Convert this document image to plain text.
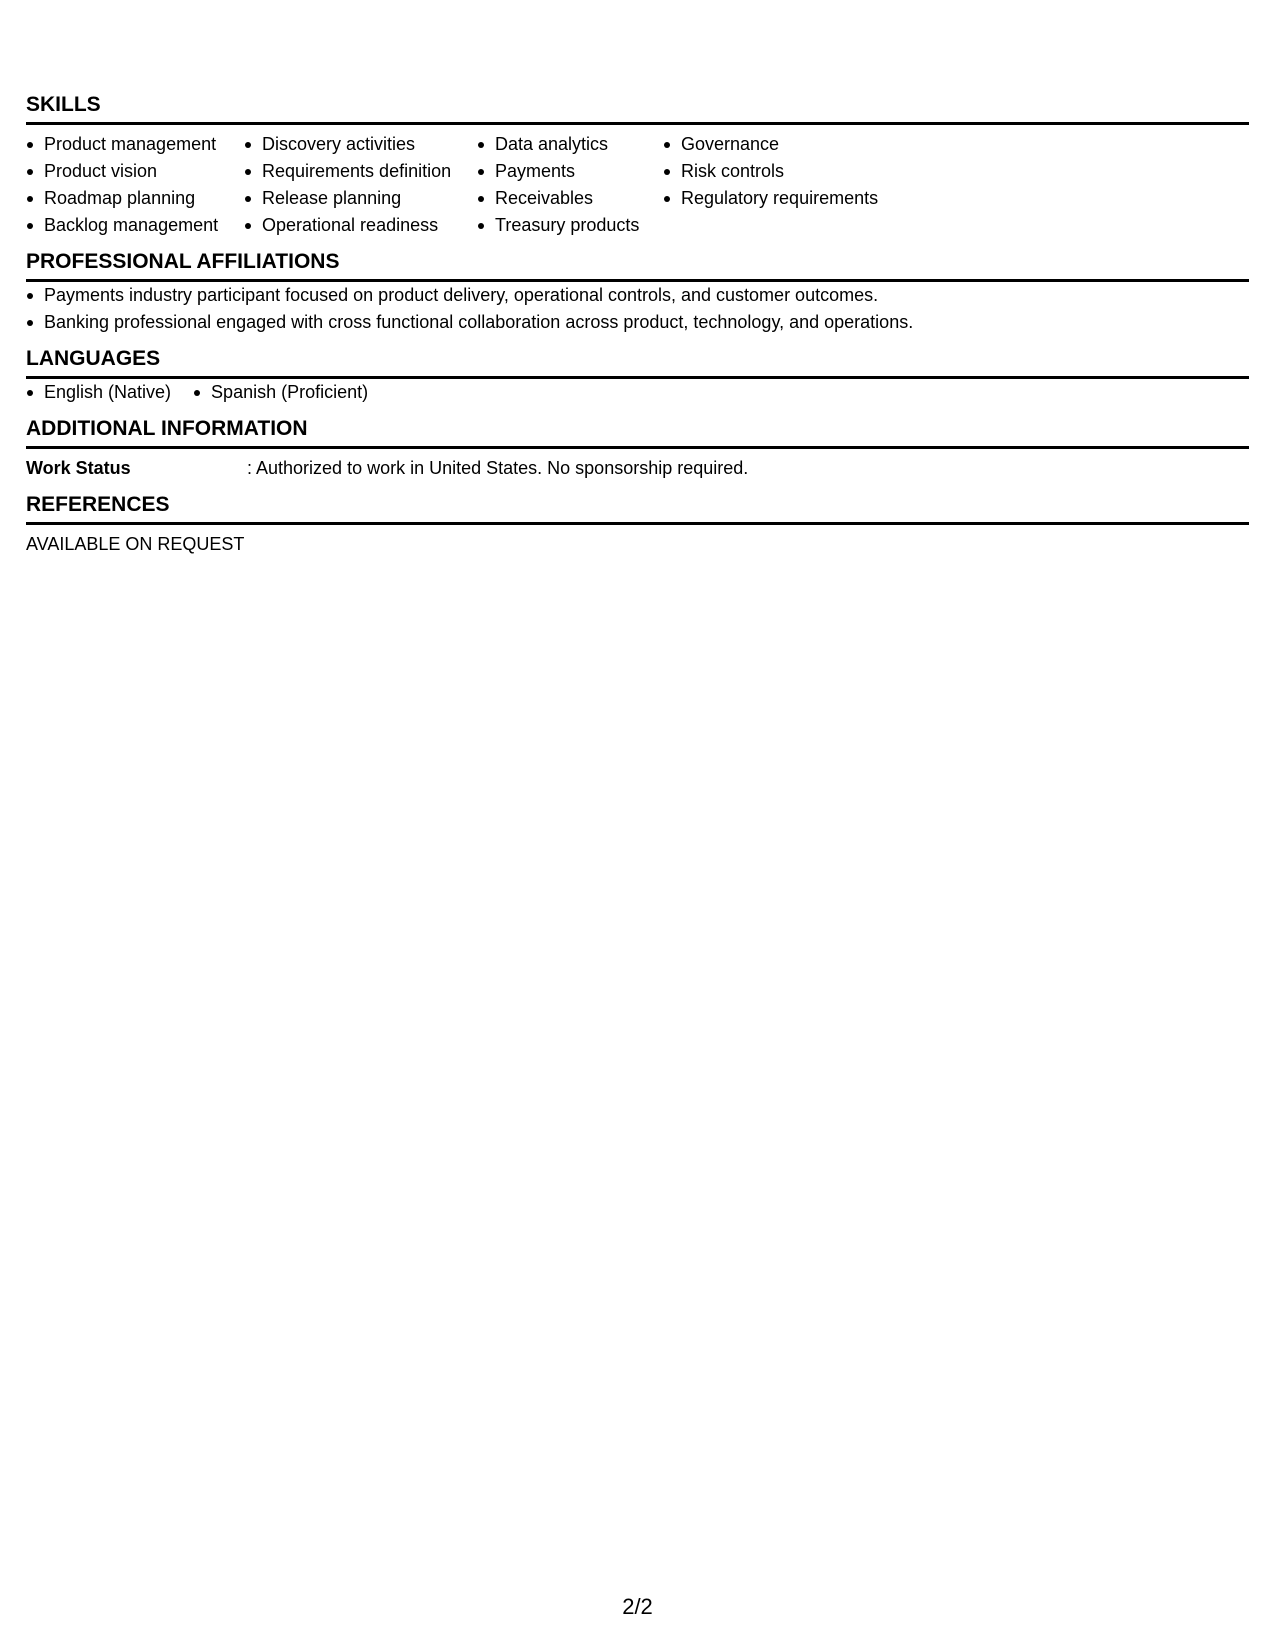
SKILLS
Product management
Product vision
Roadmap planning
Backlog management
Discovery activities
Requirements definition
Release planning
Operational readiness
Data analytics
Payments
Receivables
Treasury products
Governance
Risk controls
Regulatory requirements
PROFESSIONAL AFFILIATIONS
Payments industry participant focused on product delivery, operational controls, and customer outcomes.
Banking professional engaged with cross functional collaboration across product, technology, and operations.
LANGUAGES
English (Native)	Spanish (Proficient)
ADDITIONAL INFORMATION
Work Status	: Authorized to work in United States. No sponsorship required.
REFERENCES
AVAILABLE ON REQUEST
2/2
